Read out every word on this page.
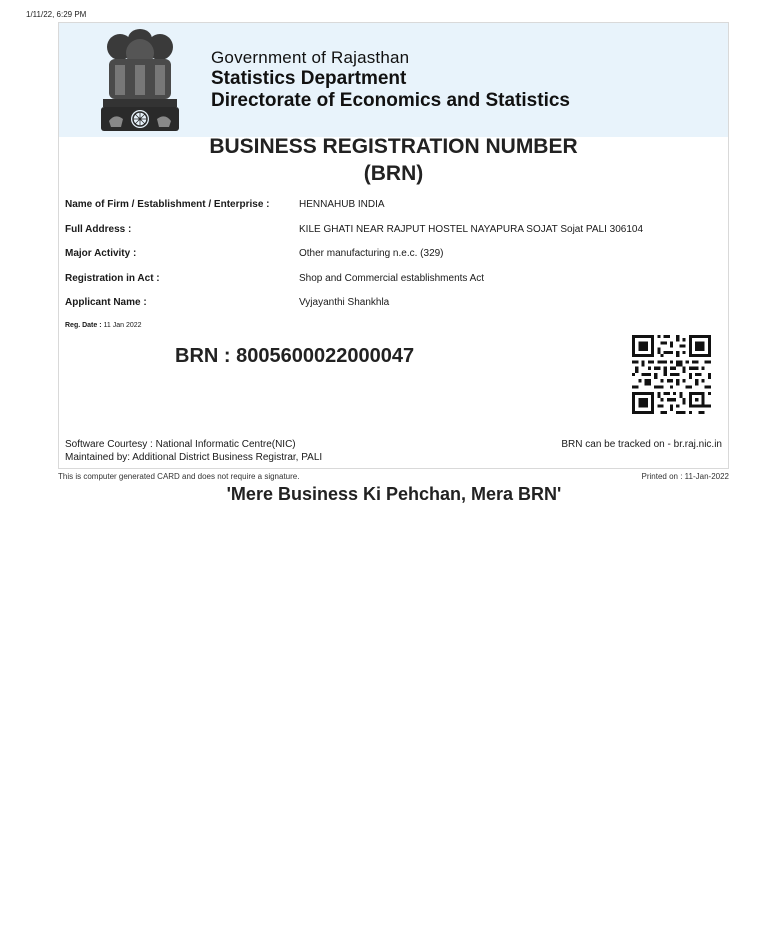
1/11/22, 6:29 PM
Government of Rajasthan
Statistics Department
Directorate of Economics and Statistics
BUSINESS REGISTRATION NUMBER
(BRN)
Name of Firm / Establishment / Enterprise :	HENNAHUB INDIA
Full Address :	KILE GHATI NEAR RAJPUT HOSTEL NAYAPURA SOJAT Sojat PALI 306104
Major Activity :	Other manufacturing n.e.c. (329)
Registration in Act :	Shop and Commercial establishments Act
Applicant Name :	Vyjayanthi Shankhla
Reg. Date : 11 Jan 2022
BRN : 8005600022000047
Software Courtesy : National Informatic Centre(NIC)
Maintained by: Additional District Business Registrar, PALI
BRN can be tracked on - br.raj.nic.in
This is computer generated CARD and does not require a signature.	Printed on : 11-Jan-2022
'Mere Business Ki Pehchan, Mera BRN'
